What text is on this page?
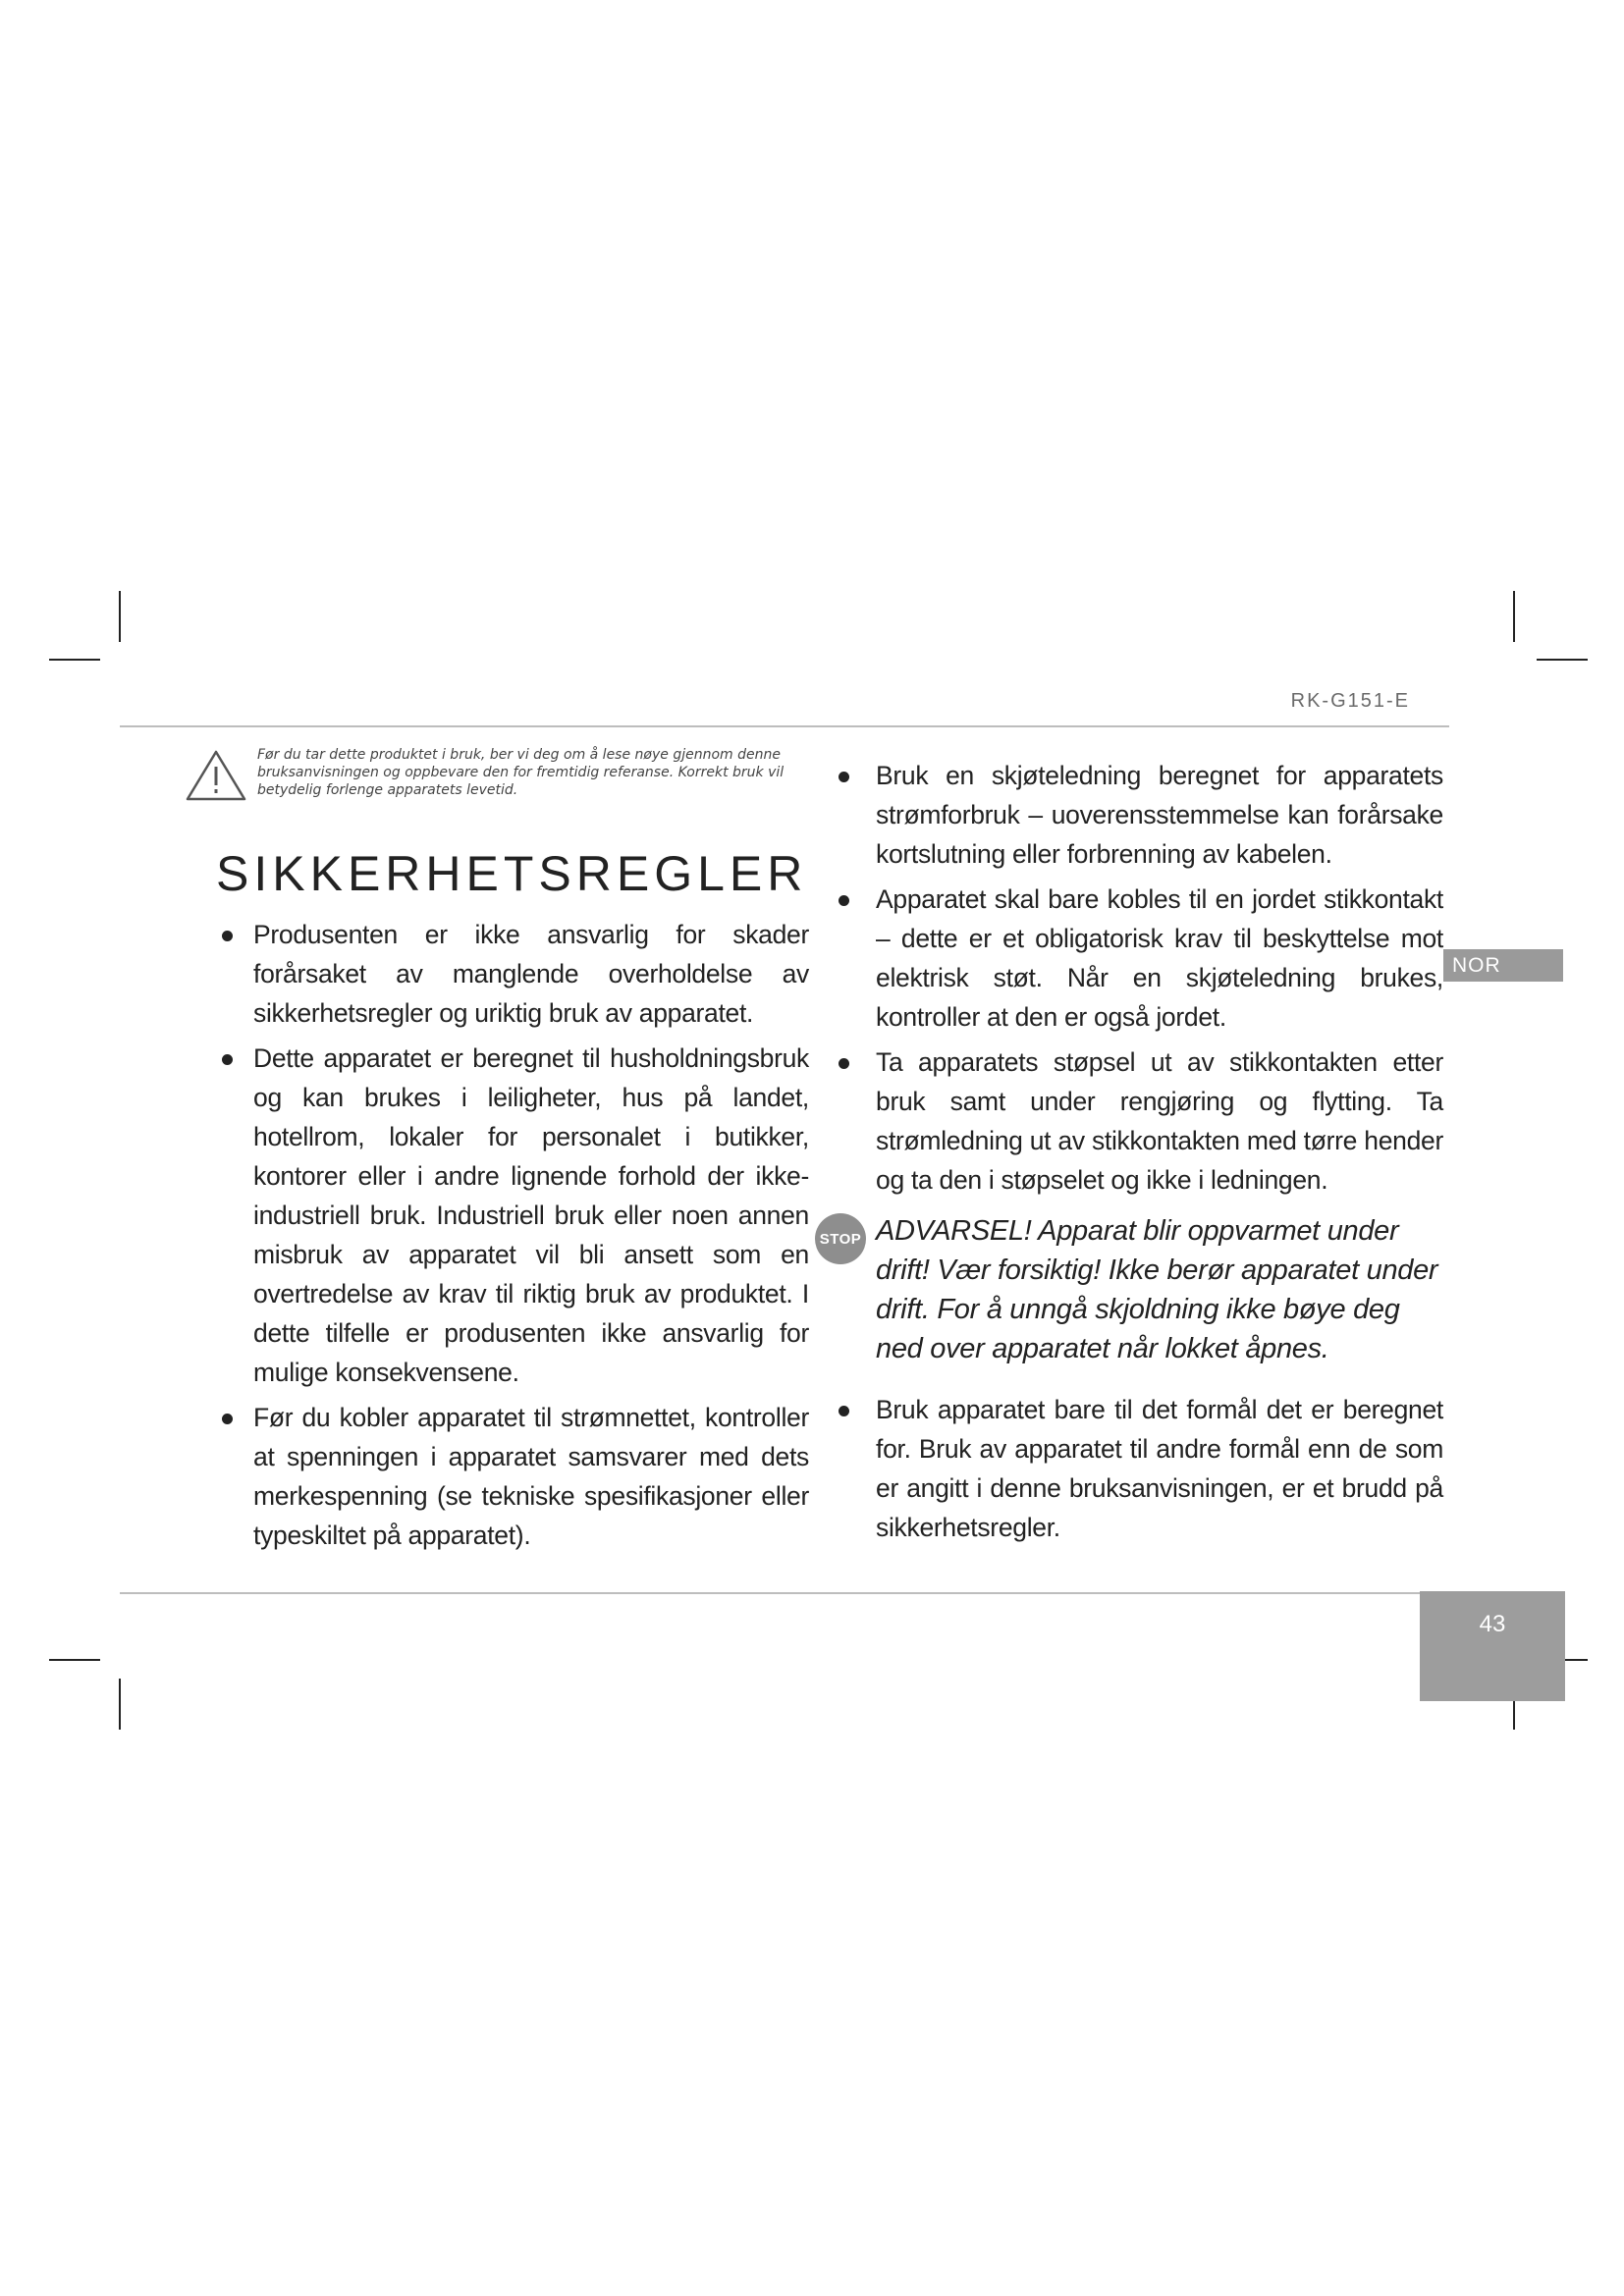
RK-G151-E
NOR
Før du tar dette produktet i bruk, ber vi deg om å lese nøye gjennom denne bruksanvisningen og oppbevare den for fremtidig referanse. Korrekt bruk vil betydelig forlenge apparatets levetid.
SIKKERHETSREGLER
Produsenten er ikke ansvarlig for skader forårsaket av manglende overholdelse av sikkerhetsregler og uriktig bruk av apparatet.
Dette apparatet er beregnet til husholdningsbruk og kan brukes i leiligheter, hus på landet, hotellrom, lokaler for personalet i butikker, kontorer eller i andre lignende forhold der ikke-industriell bruk. Industriell bruk eller noen annen misbruk av apparatet vil bli ansett som en overtredelse av krav til riktig bruk av produktet. I dette tilfelle er produsenten ikke ansvarlig for mulige konsekvensene.
Før du kobler apparatet til strømnettet, kontroller at spenningen i apparatet samsvarer med dets merkespenning (se tekniske spesifikasjoner eller typeskiltet på apparatet).
Bruk en skjøteledning beregnet for apparatets strømforbruk – uoverensstemmelse kan forårsake kortslutning eller forbrenning av kabelen.
Apparatet skal bare kobles til en jordet stikkontakt – dette er et obligatorisk krav til beskyttelse mot elektrisk støt. Når en skjøteledning brukes, kontroller at den er også jordet.
Ta apparatets støpsel ut av stikkontakten etter bruk samt under rengjøring og flytting. Ta strømledning ut av stikkontakten med tørre hender og ta den i støpselet og ikke i ledningen.
STOP ADVARSEL! Apparat blir oppvarmet under drift! Vær forsiktig! Ikke berør apparatet under drift. For å unngå skjoldning ikke bøye deg ned over apparatet når lokket åpnes.
Bruk apparatet bare til det formål det er beregnet for. Bruk av apparatet til andre formål enn de som er angitt i denne bruksanvisningen, er et brudd på sikkerhetsregler.
43
